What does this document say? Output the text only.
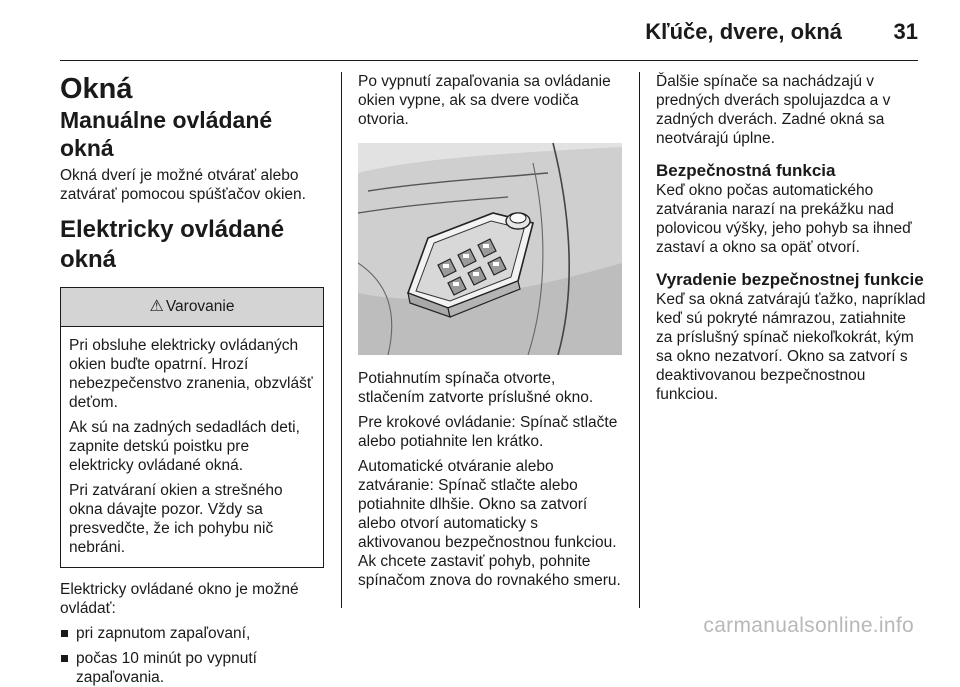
Kľúče, dvere, okná 31
Okná
Manuálne ovládané okná

Okná dverí je možné otvárať alebo zatvárať pomocou spúšťačov okien.

Elektricky ovládané okná
⚠ Varovanie

Pri obsluhe elektricky ovládaných okien buďte opatrní. Hrozí nebezpečenstvo zranenia, obzvlášť deťom.

Ak sú na zadných sedadlách deti, zapnite detskú poistku pre elektricky ovládané okná.

Pri zatváraní okien a strešného okna dávajte pozor. Vždy sa presvedčte, že ich pohybu nič nebráni.

Elektricky ovládané okno je možné ovládať:

pri zapnutom zapaľovaní,
počas 10 minút po vypnutí zapaľovania.

Po vypnutí zapaľovania sa ovládanie okien vypne, ak sa dvere vodiča otvoria.

Potiahnutím spínača otvorte, stlačením zatvorte príslušné okno.

Pre krokové ovládanie: Spínač stlačte alebo potiahnite len krátko.

Automatické otváranie alebo zatváranie: Spínač stlačte alebo potiahnite dlhšie. Okno sa zatvorí alebo otvorí automaticky s aktivovanou bezpečnostnou funkciou. Ak chcete zastaviť pohyb, pohnite spínačom znova do rovnakého smeru.

Ďalšie spínače sa nachádzajú v predných dverách spolujazdca a v zadných dverách. Zadné okná sa neotvárajú úplne.

Bezpečnostná funkcia

Keď okno počas automatického zatvárania narazí na prekážku nad polovicou výšky, jeho pohyb sa ihneď zastaví a okno sa opäť otvorí.

Vyradenie bezpečnostnej funkcie

Keď sa okná zatvárajú ťažko, napríklad keď sú pokryté námrazou, zatiahnite za príslušný spínač niekoľkokrát, kým sa okno nezatvorí. Okno sa zatvorí s deaktivovanou bezpečnostnou funkciou.

carmanualsonline.info
